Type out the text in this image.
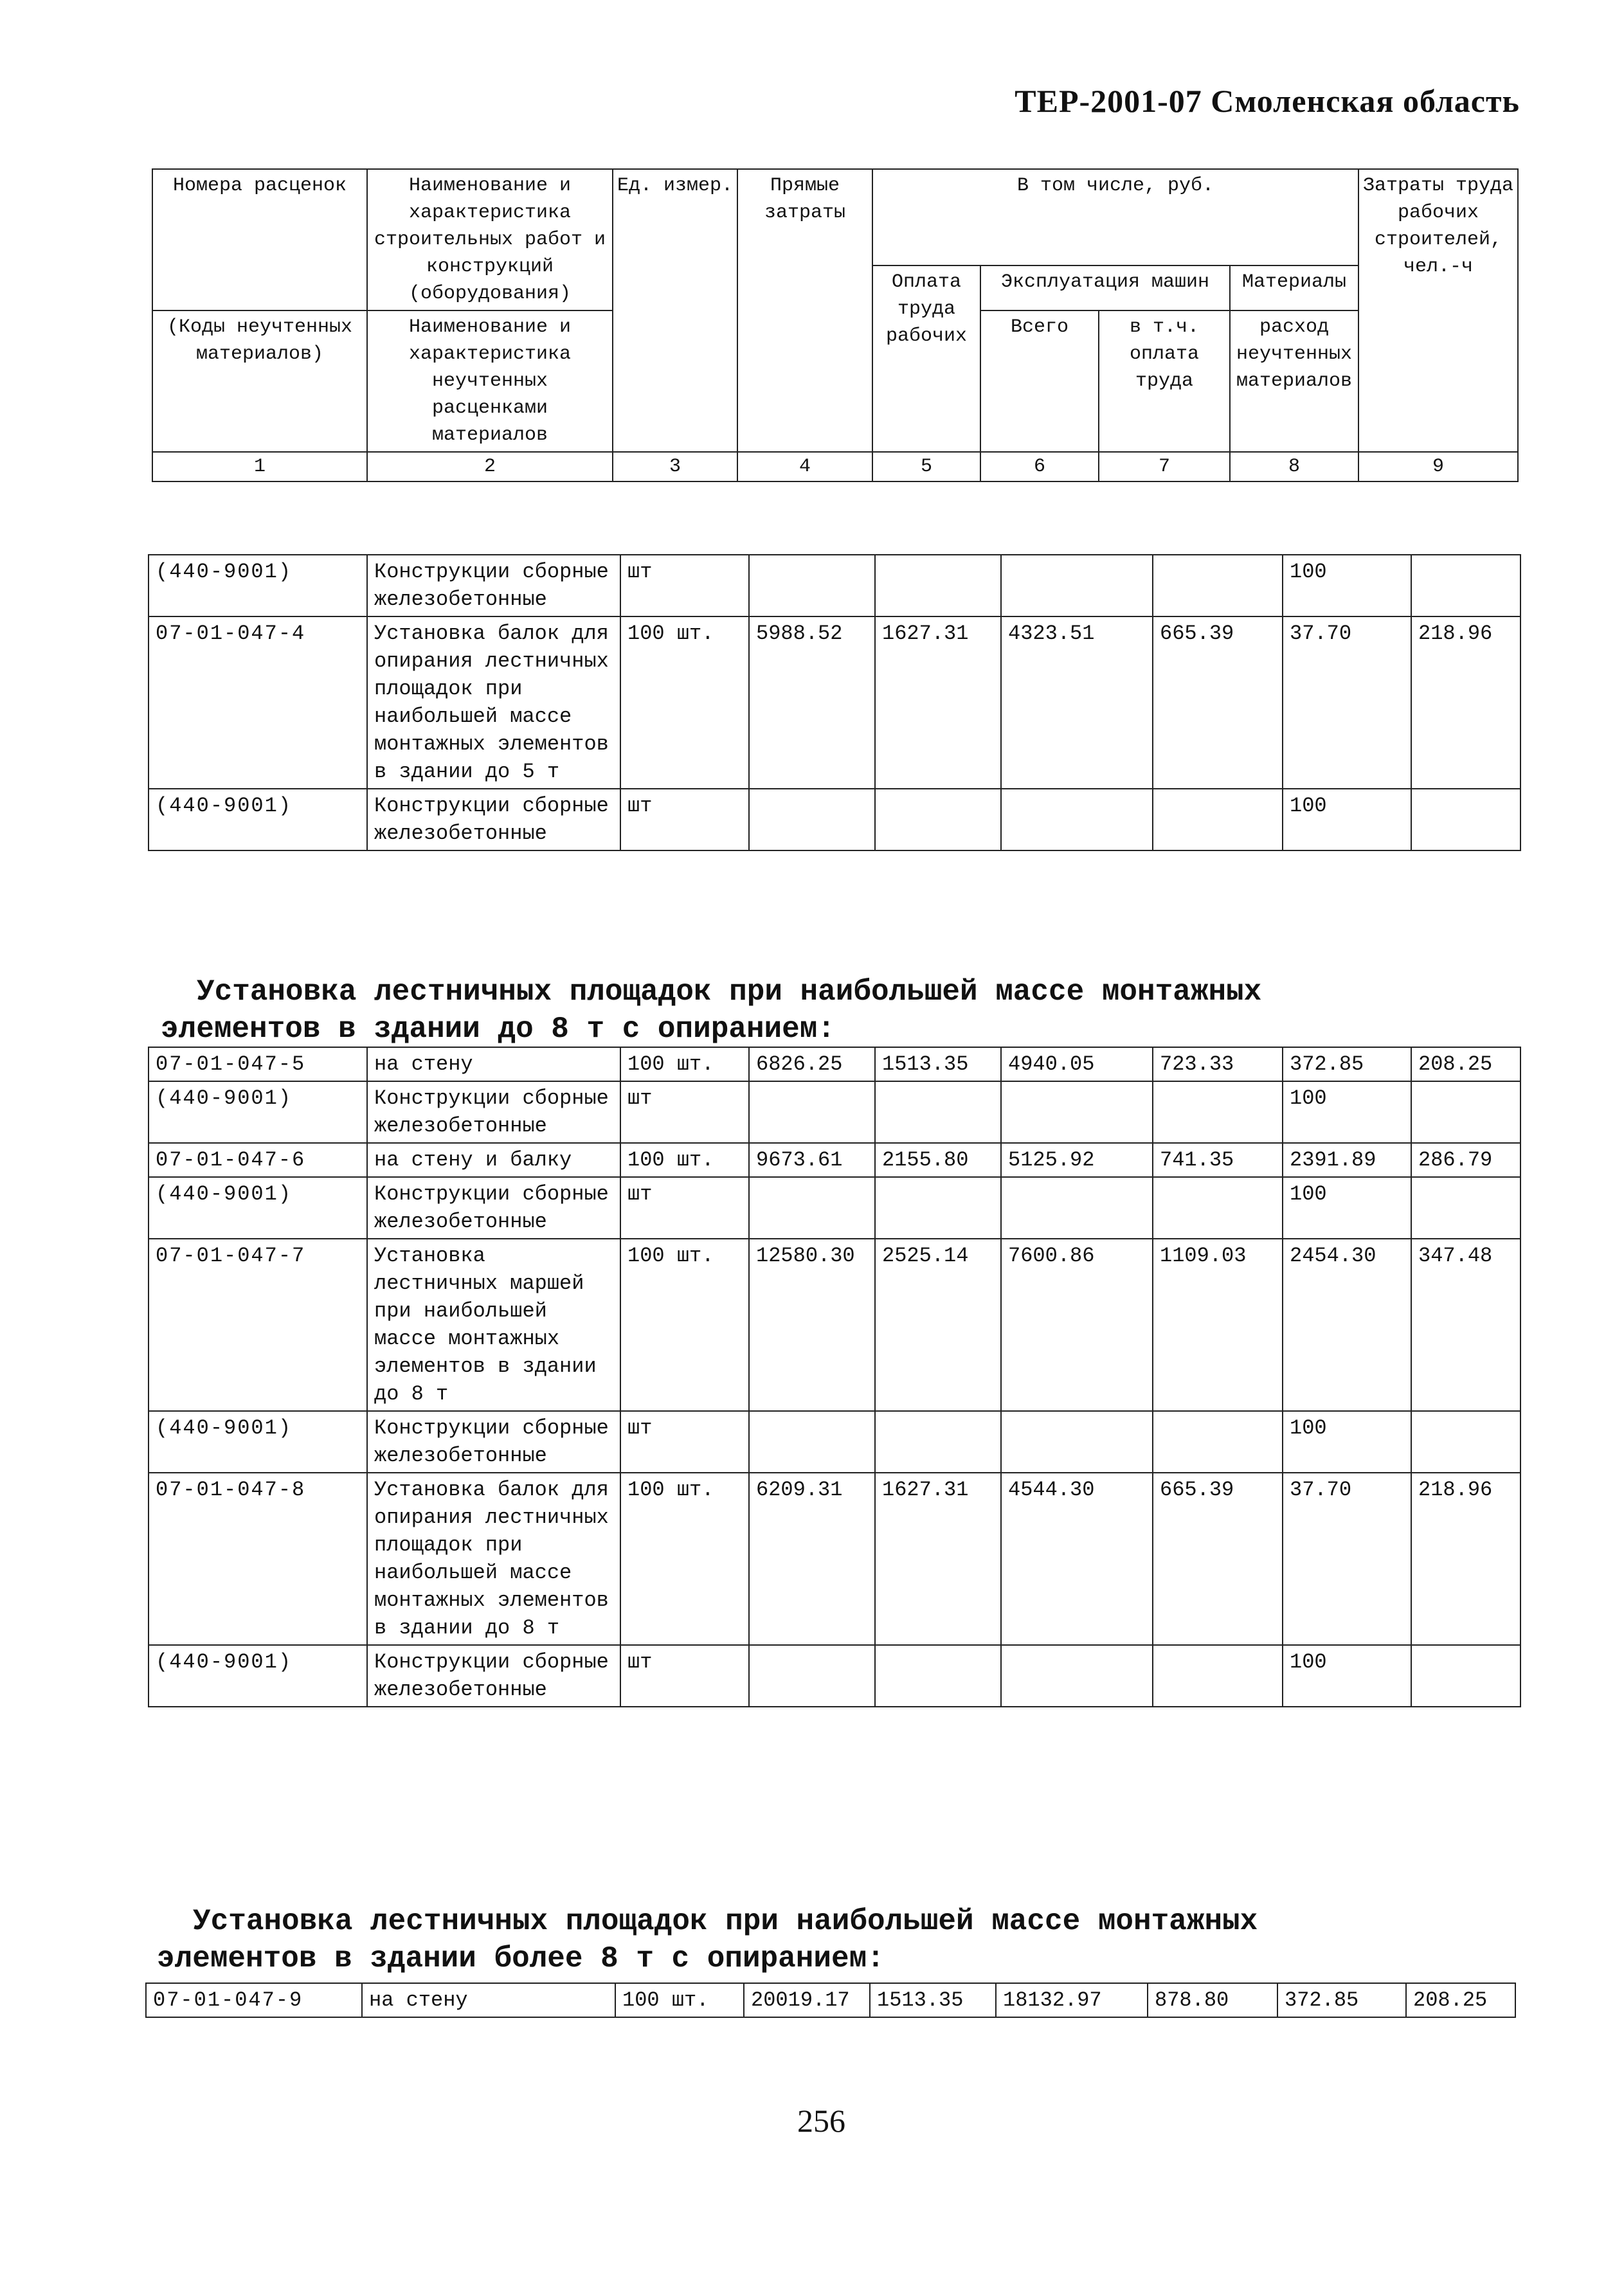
ТЕР-2001-07 Смоленская область
Номера расценок	Наименование и характеристика строительных работ и конструкций (оборудования)	Ед. измер.	Прямые затраты	В том числе, руб.				Затраты труда рабочих строителей, чел.-ч
				Оплата труда рабочих	Эксплуатация машин		Материалы	
(Коды неучтенных материалов)	Наименование и характеристика неучтенных расценками материалов				Всего	в т.ч. оплата труда	расход неучтенных материалов	
1	2	3	4	5	6	7	8	9
(440-9001)	Конструкции сборные железобетонные	шт					100	
07-01-047-4	Установка балок для опирания лестничных площадок при наибольшей массе монтажных элементов в здании до 5 т	100 шт.	5988.52	1627.31	4323.51	665.39	37.70	218.96
(440-9001)	Конструкции сборные железобетонные	шт					100	
Установка лестничных площадок при наибольшей массе монтажных
элементов в здании до 8 т с опиранием:
07-01-047-5	на стену	100 шт.	6826.25	1513.35	4940.05	723.33	372.85	208.25
(440-9001)	Конструкции сборные железобетонные	шт					100	
07-01-047-6	на стену и балку	100 шт.	9673.61	2155.80	5125.92	741.35	2391.89	286.79
(440-9001)	Конструкции сборные железобетонные	шт					100	
07-01-047-7	Установка лестничных маршей при наибольшей массе монтажных элементов в здании до 8 т	100 шт.	12580.30	2525.14	7600.86	1109.03	2454.30	347.48
(440-9001)	Конструкции сборные железобетонные	шт					100	
07-01-047-8	Установка балок для опирания лестничных площадок при наибольшей массе монтажных элементов в здании до 8 т	100 шт.	6209.31	1627.31	4544.30	665.39	37.70	218.96
(440-9001)	Конструкции сборные железобетонные	шт					100	
Установка лестничных площадок при наибольшей массе монтажных
элементов в здании более 8 т с опиранием:
07-01-047-9	на стену	100 шт.	20019.17	1513.35	18132.97	878.80	372.85	208.25
256
